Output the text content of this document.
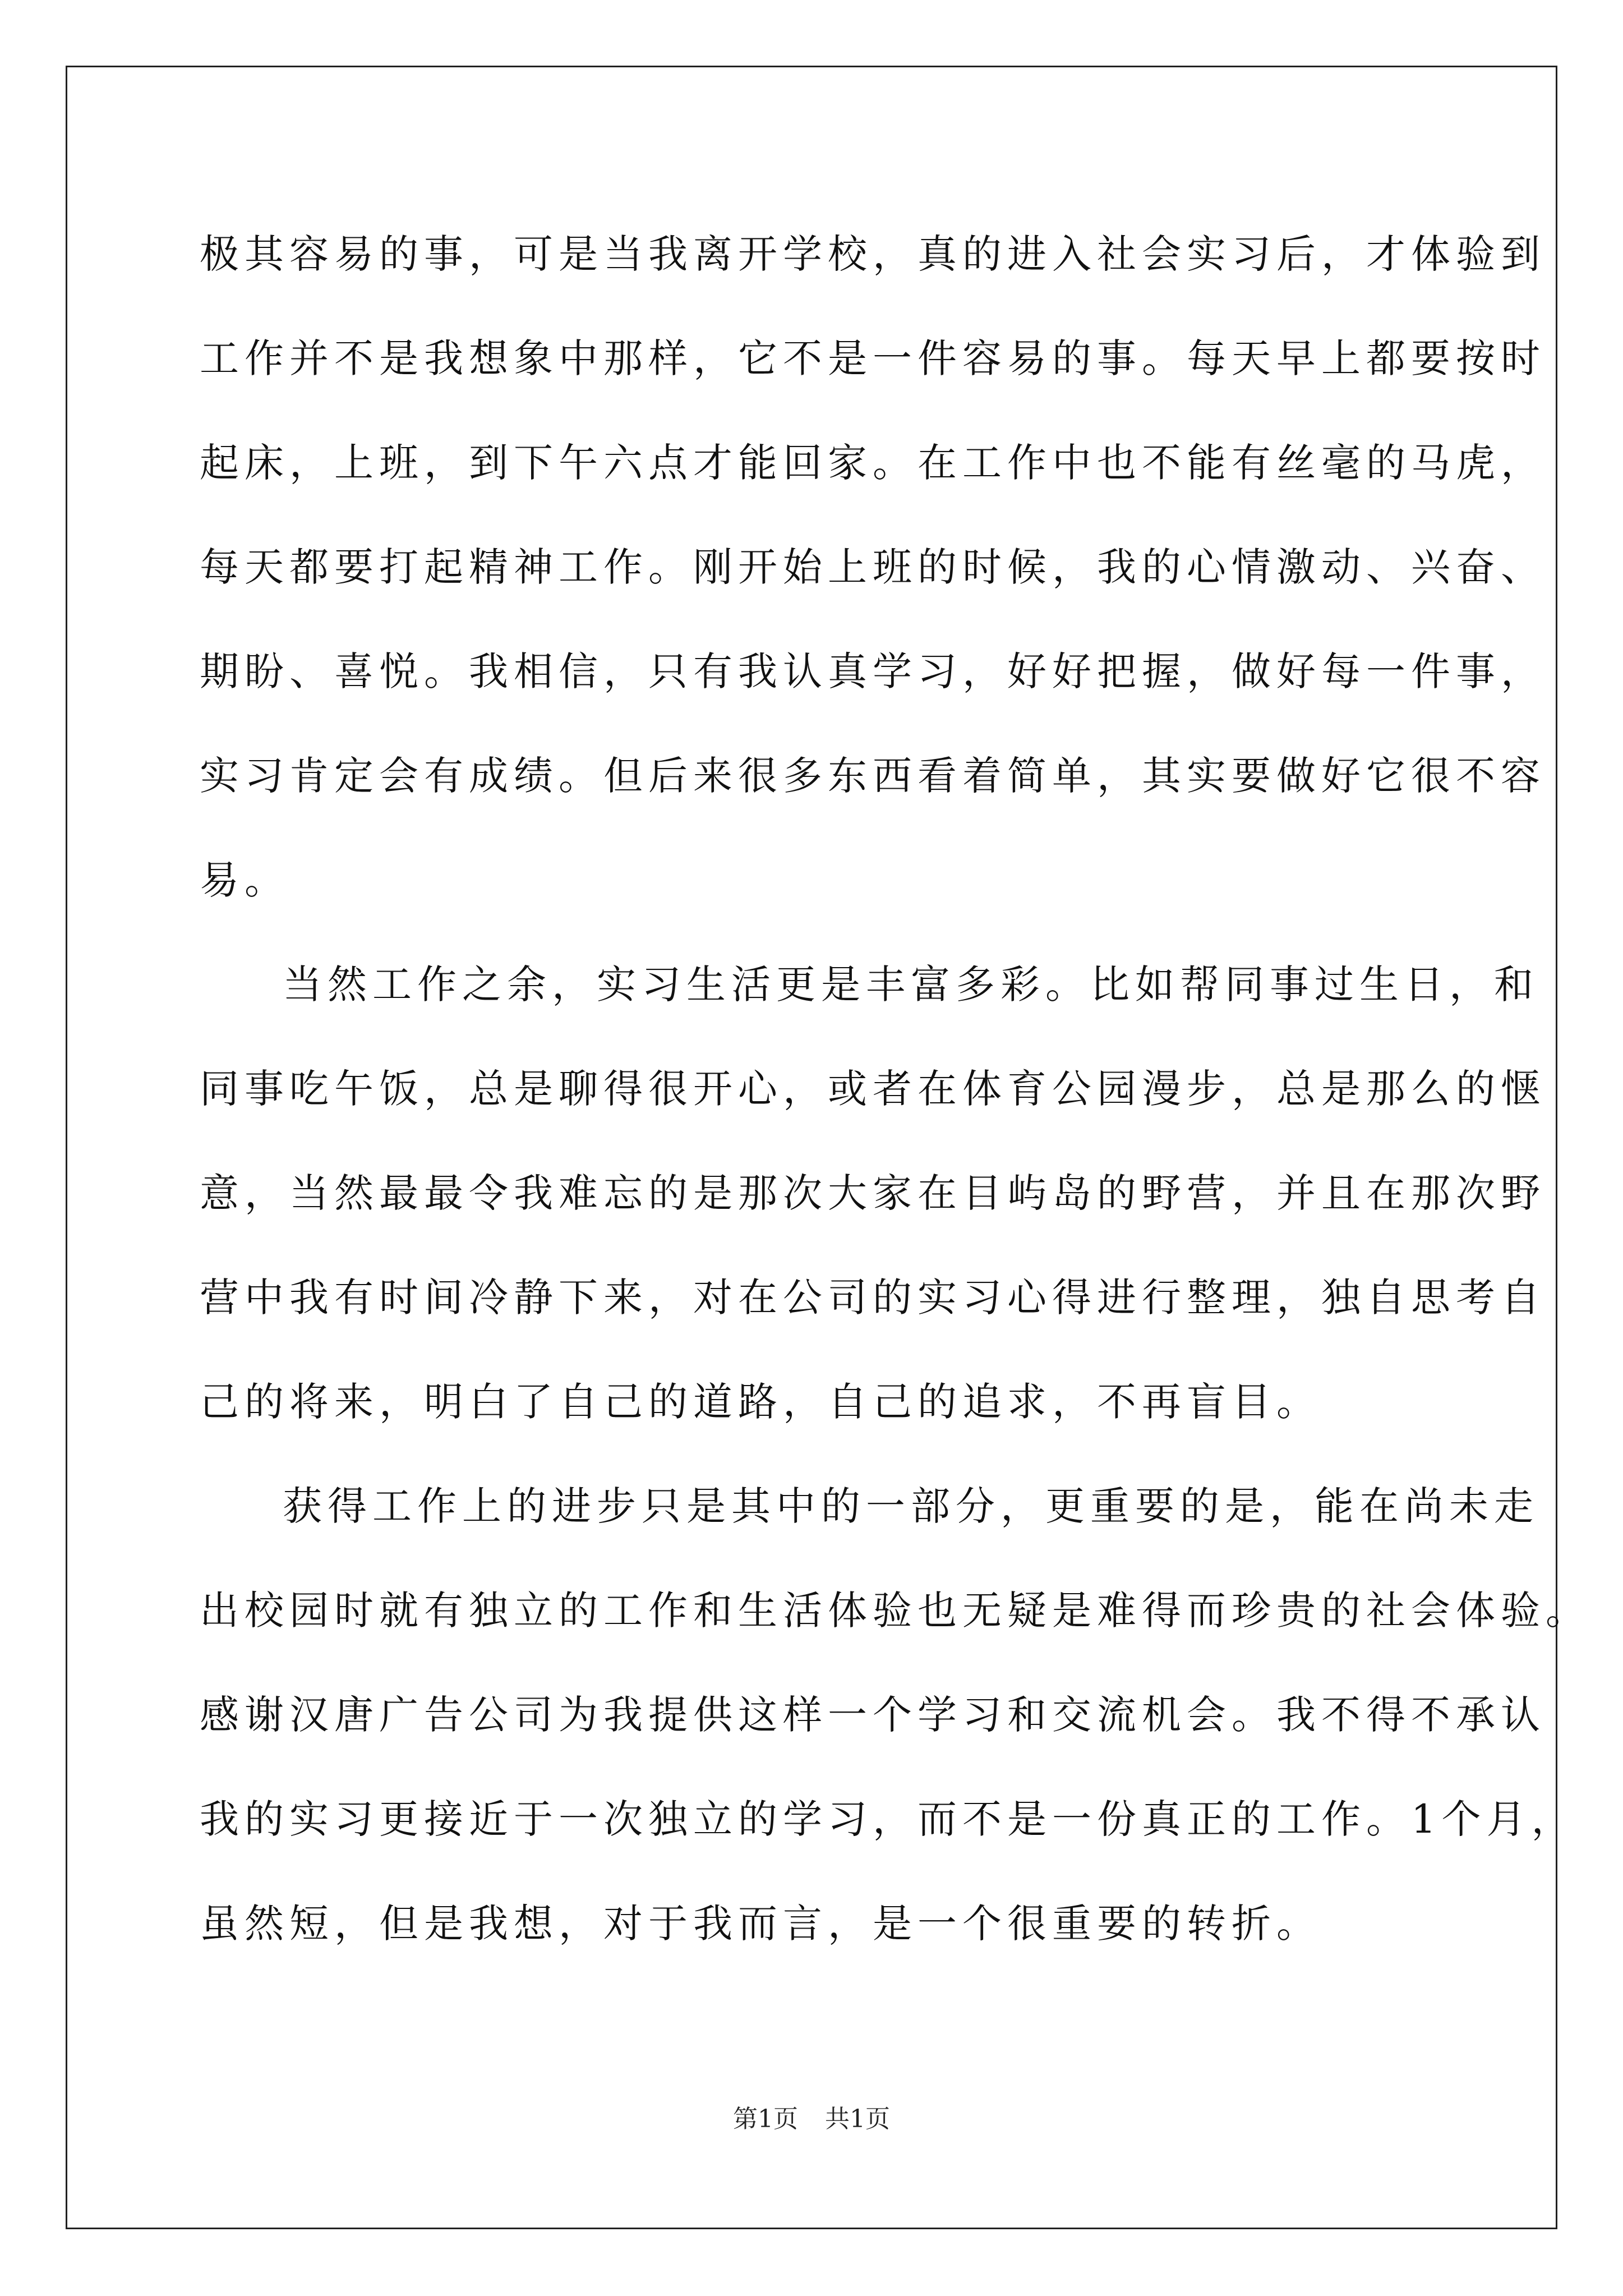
极其容易的事，可是当我离开学校，真的进入社会实习后，才体验到
工作并不是我想象中那样，它不是一件容易的事。每天早上都要按时
起床，上班，到下午六点才能回家。在工作中也不能有丝毫的马虎，
每天都要打起精神工作。刚开始上班的时候，我的心情激动、兴奋、
期盼、喜悦。我相信，只有我认真学习，好好把握，做好每一件事，
实习肯定会有成绩。但后来很多东西看着简单，其实要做好它很不容
易。
当然工作之余，实习生活更是丰富多彩。比如帮同事过生日，和
同事吃午饭，总是聊得很开心，或者在体育公园漫步，总是那么的惬
意，当然最最令我难忘的是那次大家在目屿岛的野营，并且在那次野
营中我有时间冷静下来，对在公司的实习心得进行整理，独自思考自
己的将来，明白了自己的道路，自己的追求，不再盲目。
获得工作上的进步只是其中的一部分，更重要的是，能在尚未走
出校园时就有独立的工作和生活体验也无疑是难得而珍贵的社会体验。
感谢汉唐广告公司为我提供这样一个学习和交流机会。我不得不承认
我的实习更接近于一次独立的学习，而不是一份真正的工作。1个月，
虽然短，但是我想，对于我而言，是一个很重要的转折。
第1页 共1页
